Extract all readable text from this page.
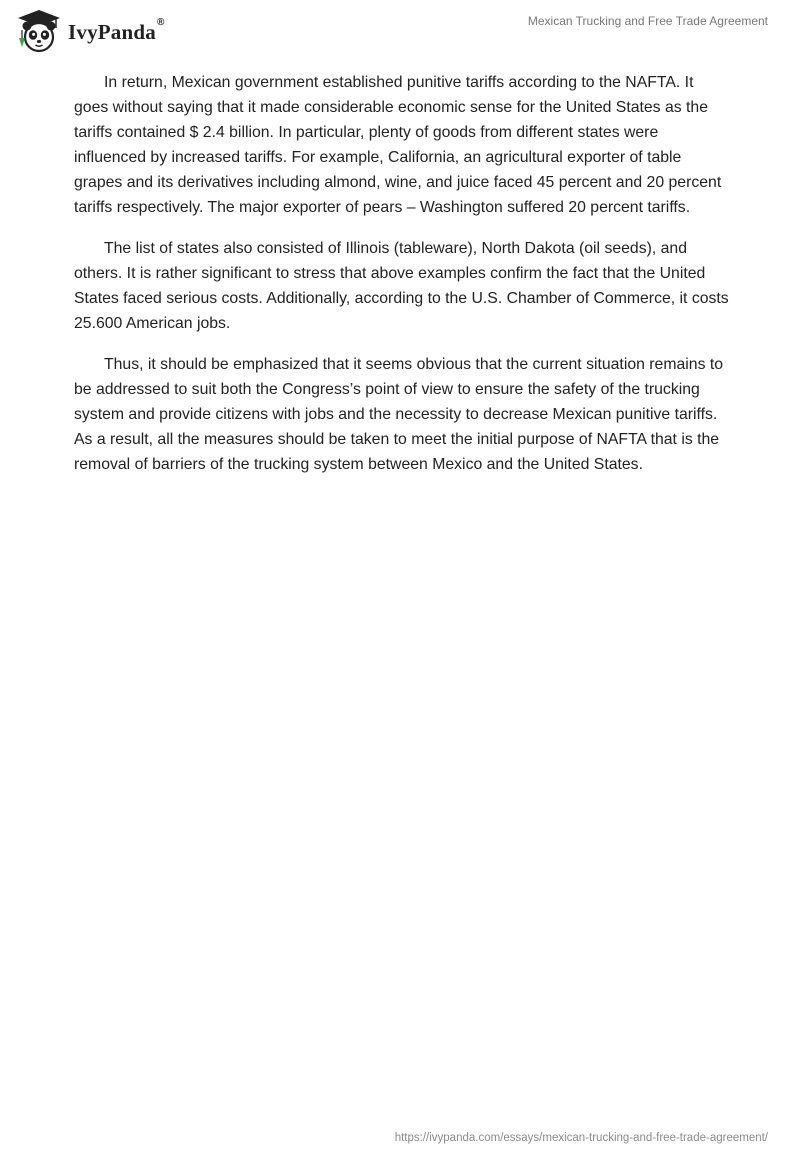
IvyPanda®	Mexican Trucking and Free Trade Agreement

In return, Mexican government established punitive tariffs according to the NAFTA. It goes without saying that it made considerable economic sense for the United States as the tariffs contained $ 2.4 billion. In particular, plenty of goods from different states were influenced by increased tariffs. For example, California, an agricultural exporter of table grapes and its derivatives including almond, wine, and juice faced 45 percent and 20 percent tariffs respectively. The major exporter of pears – Washington suffered 20 percent tariffs.

The list of states also consisted of Illinois (tableware), North Dakota (oil seeds), and others. It is rather significant to stress that above examples confirm the fact that the United States faced serious costs. Additionally, according to the U.S. Chamber of Commerce, it costs 25.600 American jobs.

Thus, it should be emphasized that it seems obvious that the current situation remains to be addressed to suit both the Congress’s point of view to ensure the safety of the trucking system and provide citizens with jobs and the necessity to decrease Mexican punitive tariffs. As a result, all the measures should be taken to meet the initial purpose of NAFTA that is the removal of barriers of the trucking system between Mexico and the United States.

https://ivypanda.com/essays/mexican-trucking-and-free-trade-agreement/
